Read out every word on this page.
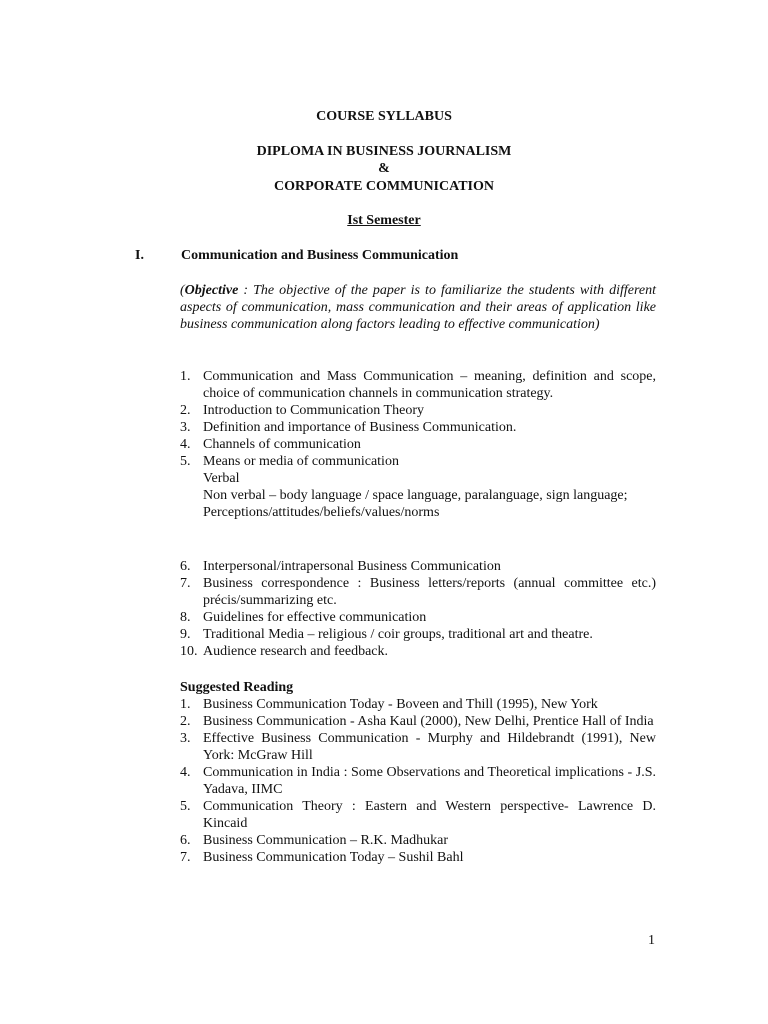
COURSE SYLLABUS
DIPLOMA IN BUSINESS JOURNALISM
&
CORPORATE COMMUNICATION
Ist Semester
I.	Communication and Business Communication
(Objective : The objective of the paper is to familiarize the students with different aspects of communication, mass communication and their areas of application like business communication along factors leading to effective communication)
1. Communication and Mass Communication – meaning, definition and scope, choice of communication channels in communication strategy.
2. Introduction to Communication Theory
3. Definition and importance of Business Communication.
4. Channels of communication
5. Means or media of communication
Verbal
Non verbal – body language / space language, paralanguage, sign language;
Perceptions/attitudes/beliefs/values/norms
6. Interpersonal/intrapersonal Business Communication
7. Business correspondence : Business letters/reports (annual committee etc.) précis/summarizing etc.
8. Guidelines for effective communication
9. Traditional Media – religious / coir groups, traditional art and theatre.
10. Audience research and feedback.
Suggested Reading
1. Business Communication Today - Boveen and Thill (1995), New York
2. Business Communication - Asha Kaul (2000), New Delhi, Prentice Hall of India
3. Effective Business Communication - Murphy and Hildebrandt (1991), New York: McGraw Hill
4. Communication in India : Some Observations and Theoretical implications - J.S. Yadava, IIMC
5. Communication Theory : Eastern and Western perspective- Lawrence D. Kincaid
6. Business Communication – R.K. Madhukar
7. Business Communication Today – Sushil Bahl
1
